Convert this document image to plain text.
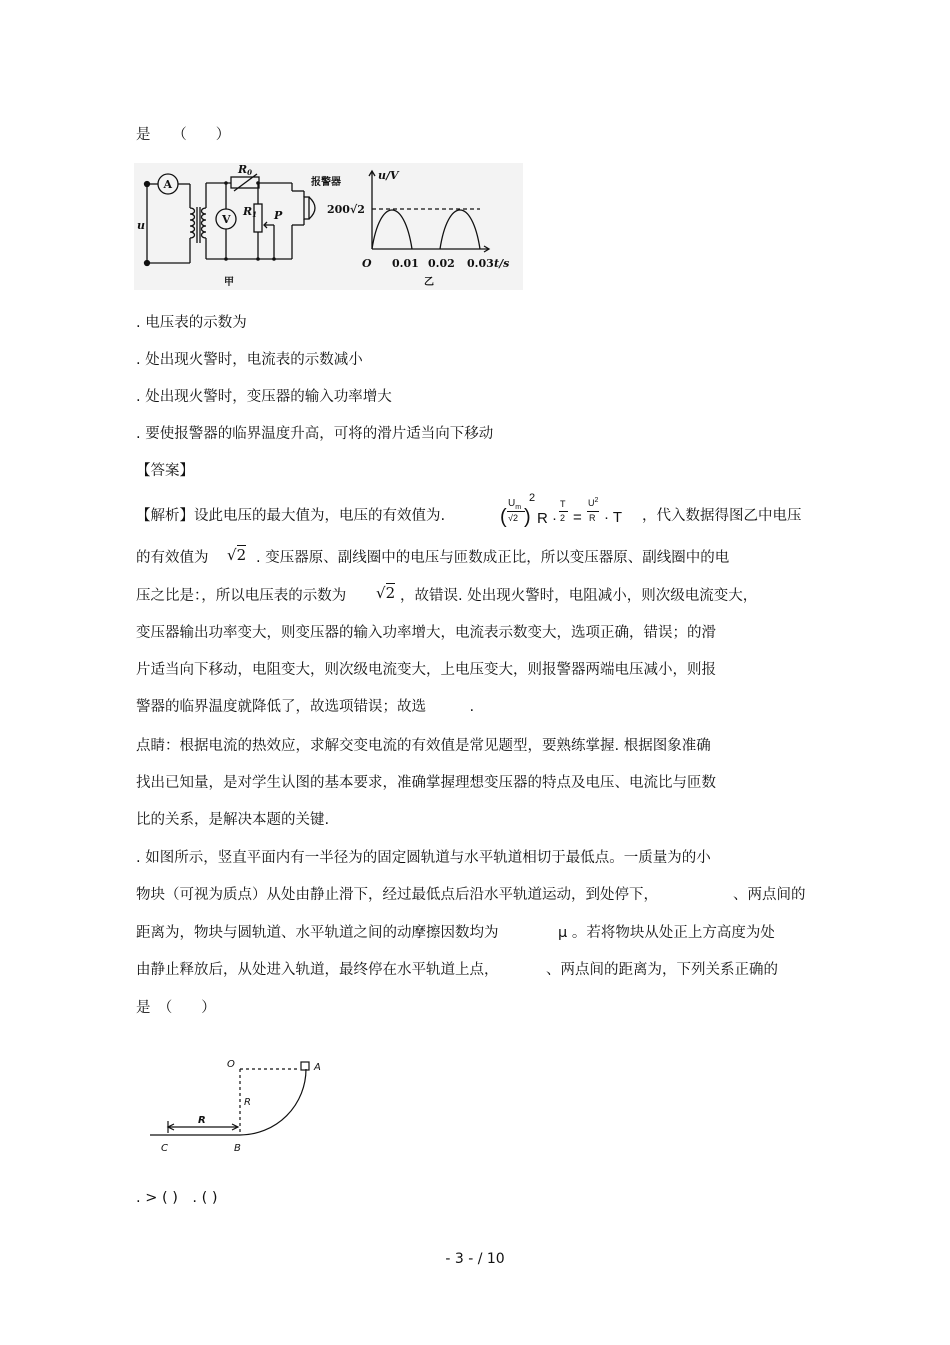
是　　（　　）
A
V
u
R0
R1 P
报警器
甲
u/V
200√2
O 0.01 0.02 0.03 t/s
乙
. 电压表的示数为
. 处出现火警时，电流表的示数减小
. 处出现火警时，变压器的输入功率增大
. 要使报警器的临界温度升高，可将的滑片适当向下移动
【答案】
【解析】设此电压的最大值为，电压的有效值为.	(
$U_m$
√2 )
2
R ·
T
2 =
$U^2$
R · T ，代入数据得图乙中电压
的有效值为 √2 . 变压器原、副线圈中的电压与匝数成正比，所以变压器原、副线圈中的电
压之比是：，所以电压表的示数为 √2 ，故错误. 处出现火警时，电阻减小，则次级电流变大，
变压器输出功率变大，则变压器的输入功率增大，电流表示数变大，选项正确，错误；的滑
片适当向下移动，电阻变大，则次级电流变大，上电压变大，则报警器两端电压减小，则报
警器的临界温度就降低了，故选项错误；故选　　　.
点睛：根据电流的热效应，求解交变电流的有效值是常见题型，要熟练掌握. 根据图象准确
找出已知量，是对学生认图的基本要求，准确掌握理想变压器的特点及电压、电流比与匝数
比的关系，是解决本题的关键.
. 如图所示，竖直平面内有一半径为的固定圆轨道与水平轨道相切于最低点。一质量为的小
物块（可视为质点）从处由静止滑下，经过最低点后沿水平轨道运动，到处停下，	、两点间的
距离为，物块与圆轨道、水平轨道之间的动摩擦因数均为	μ 。若将物块从处正上方高度为处
由静止释放后，从处进入轨道，最终停在水平轨道上点，	、两点间的距离为，下列关系正确的
是　（　　）
O	A
R
R
C	B
. > ( )　. ( )
- 3 - / 10
